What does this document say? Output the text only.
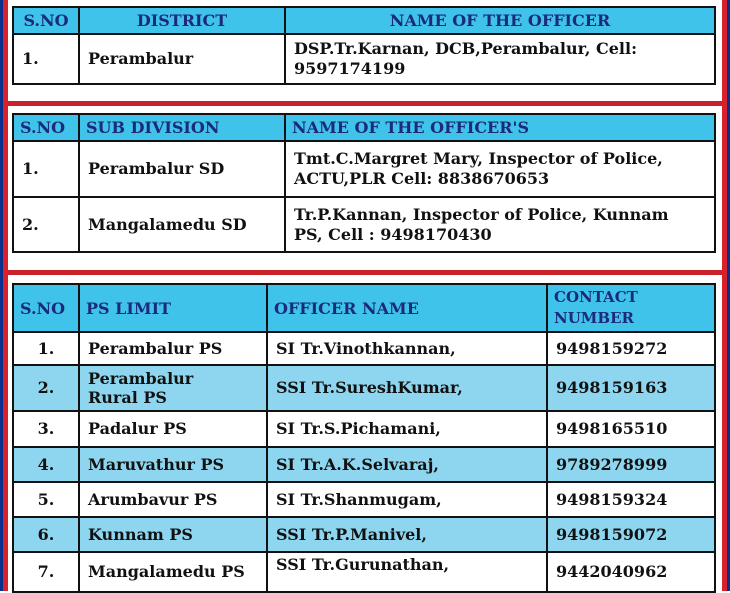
S.NO	DISTRICT	NAME OF THE OFFICER
1.	Perambalur	DSP.Tr.Karnan, DCB,Perambalur, Cell:
9597174199
S.NO	SUB DIVISION	NAME OF THE OFFICER'S
1.	Perambalur SD	Tmt.C.Margret Mary, Inspector of Police,
ACTU,PLR Cell: 8838670653

2.	Mangalamedu SD	Tr.P.Kannan, Inspector of Police, Kunnam
PS, Cell : 9498170430
S.NO	PS LIMIT	OFFICER NAME	CONTACT NUMBER
1.	Perambalur PS	SI Tr.Vinothkannan,	9498159272
2.	Perambalur Rural PS	SSI Tr.SureshKumar,	9498159163
3.	Padalur PS	SI Tr.S.Pichamani,	9498165510
4.	Maruvathur PS	SI Tr.A.K.Selvaraj,	9789278999
5.	Arumbavur PS	SI Tr.Shanmugam,	9498159324
6.	Kunnam PS	SSI Tr.P.Manivel,	9498159072
7.	Mangalamedu PS	SSI Tr.Gurunathan,	9442040962
